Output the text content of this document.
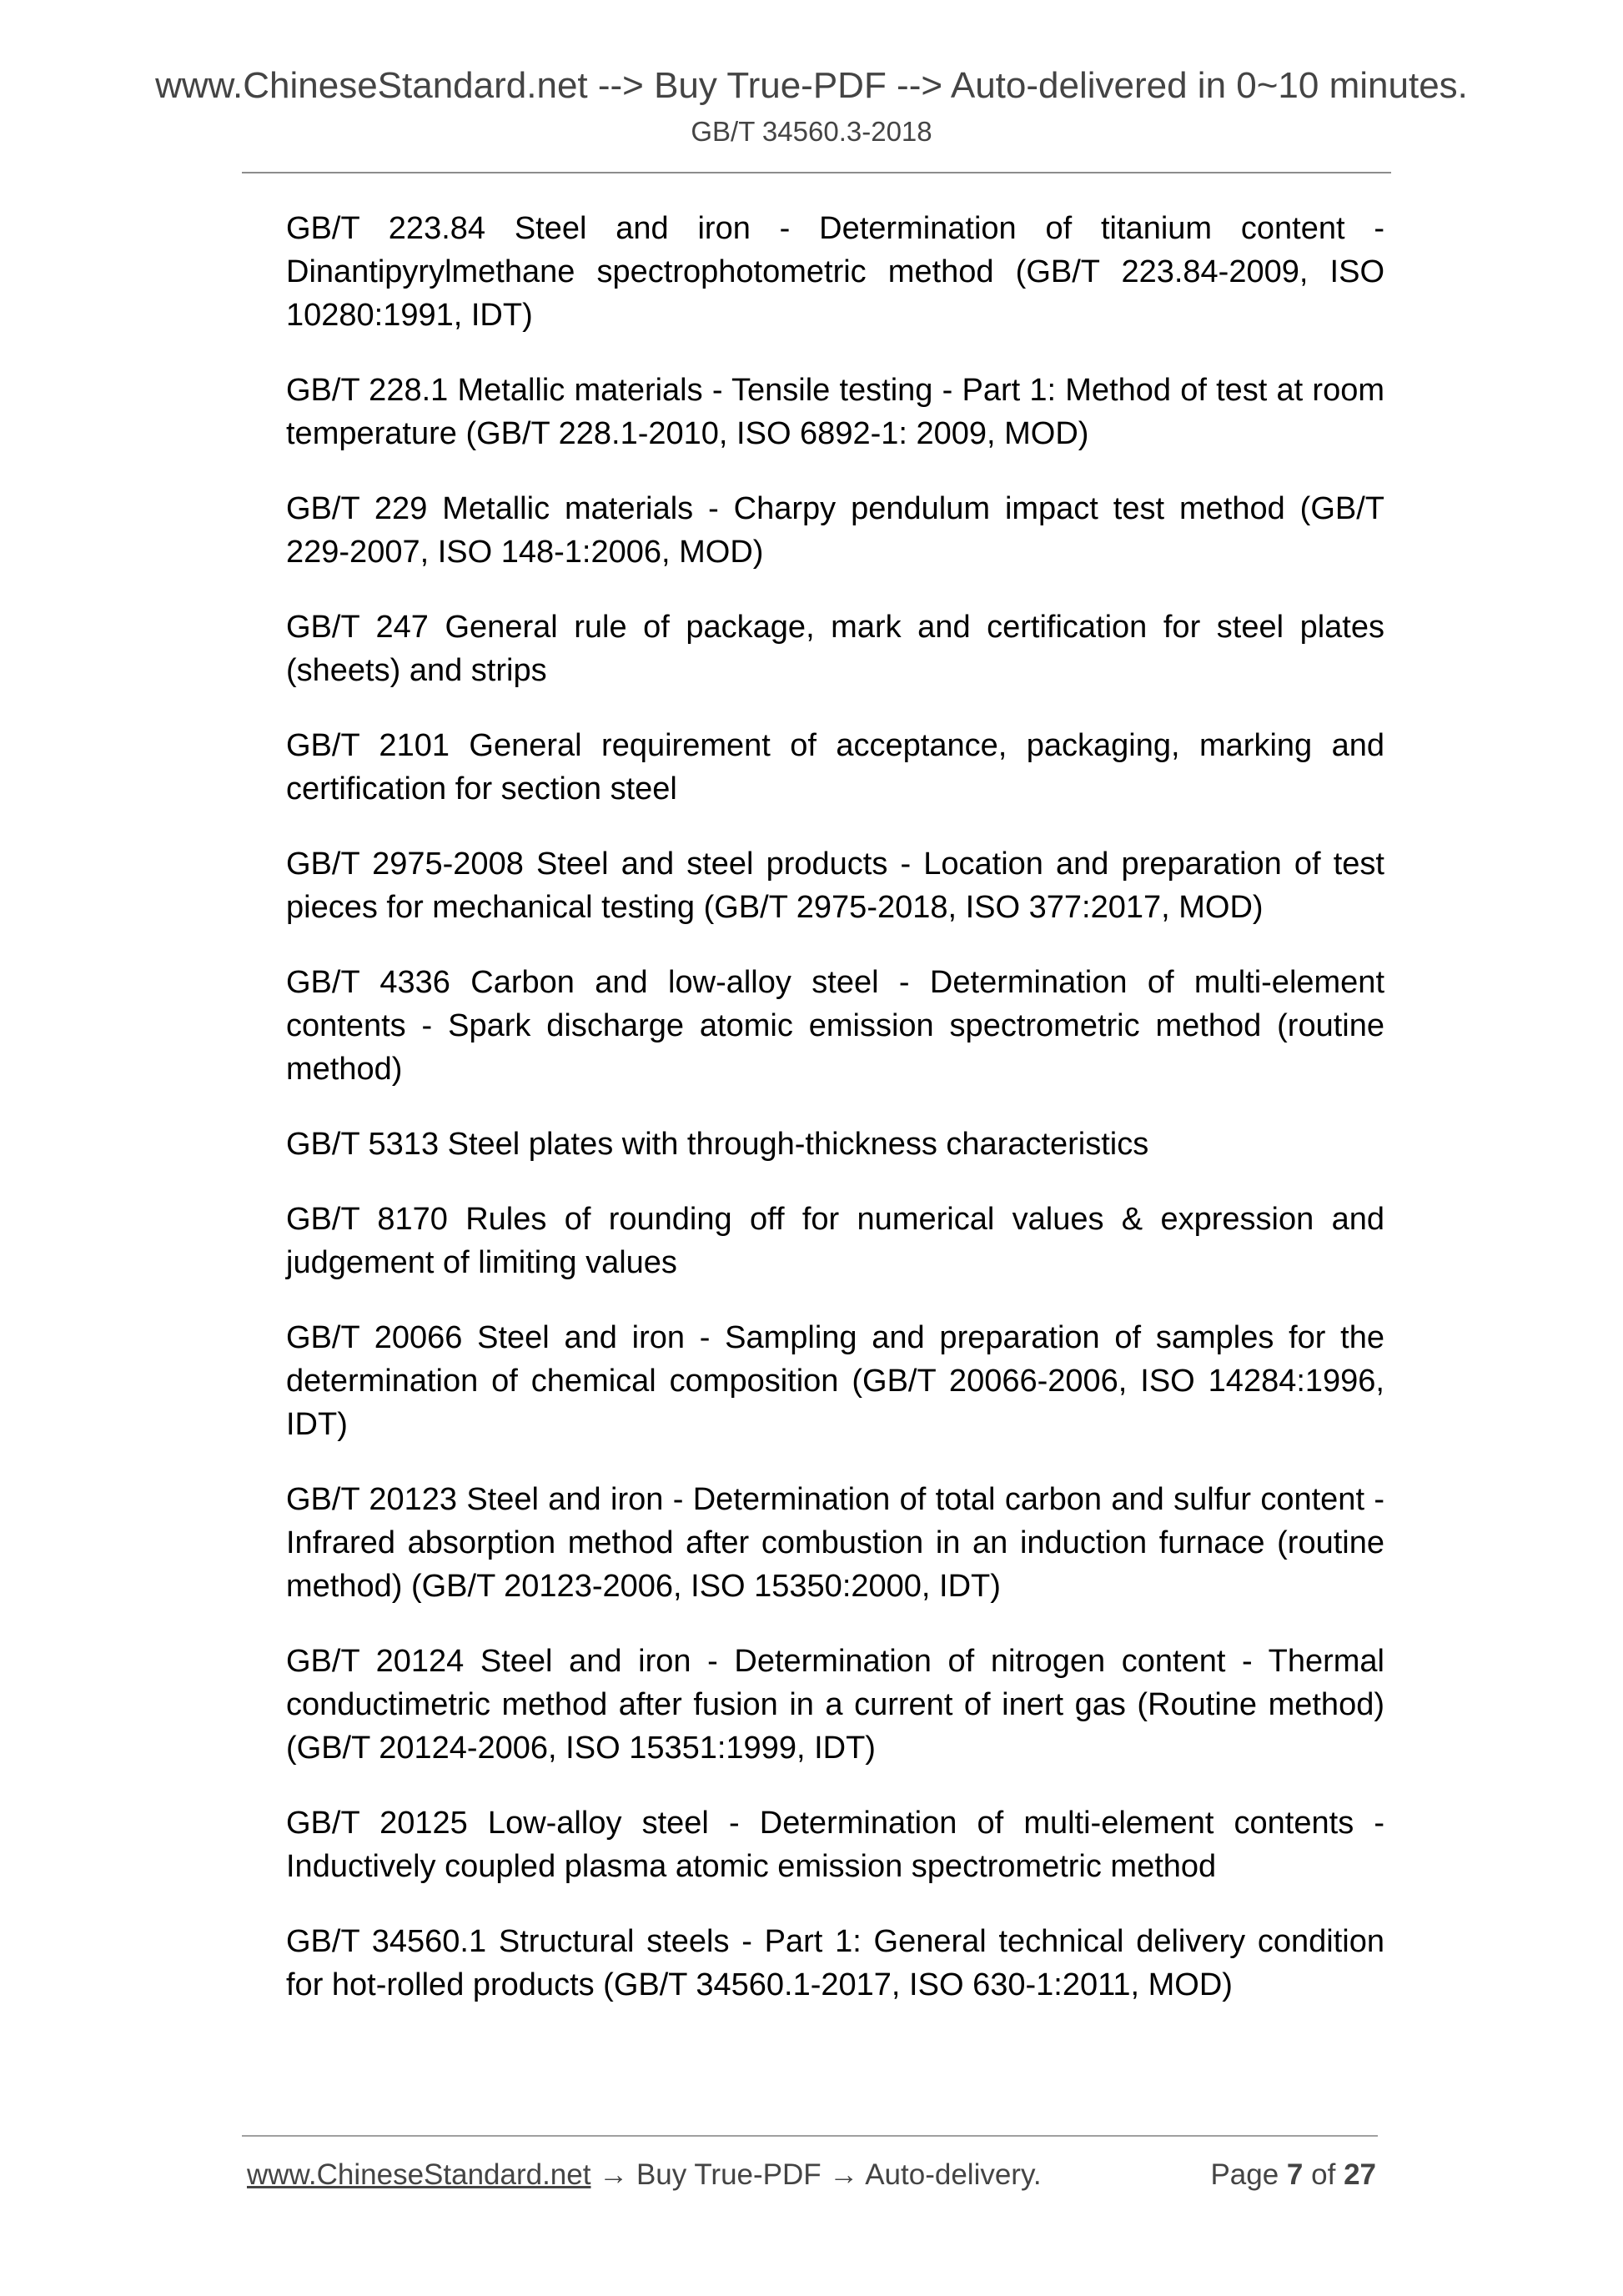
www.ChineseStandard.net --> Buy True-PDF --> Auto-delivered in 0~10 minutes.
GB/T 34560.3-2018

GB/T 223.84 Steel and iron - Determination of titanium content - Dinantipyrylmethane spectrophotometric method (GB/T 223.84-2009, ISO 10280:1991, IDT)

GB/T 228.1 Metallic materials - Tensile testing - Part 1: Method of test at room temperature (GB/T 228.1-2010, ISO 6892-1: 2009, MOD)

GB/T 229 Metallic materials - Charpy pendulum impact test method (GB/T 229-2007, ISO 148-1:2006, MOD)

GB/T 247 General rule of package, mark and certification for steel plates (sheets) and strips

GB/T 2101 General requirement of acceptance, packaging, marking and certification for section steel

GB/T 2975-2008 Steel and steel products - Location and preparation of test pieces for mechanical testing (GB/T 2975-2018, ISO 377:2017, MOD)

GB/T 4336 Carbon and low-alloy steel - Determination of multi-element contents - Spark discharge atomic emission spectrometric method (routine method)

GB/T 5313 Steel plates with through-thickness characteristics

GB/T 8170 Rules of rounding off for numerical values & expression and judgement of limiting values

GB/T 20066 Steel and iron - Sampling and preparation of samples for the determination of chemical composition (GB/T 20066-2006, ISO 14284:1996, IDT)

GB/T 20123 Steel and iron - Determination of total carbon and sulfur content - Infrared absorption method after combustion in an induction furnace (routine method) (GB/T 20123-2006, ISO 15350:2000, IDT)

GB/T 20124 Steel and iron - Determination of nitrogen content - Thermal conductimetric method after fusion in a current of inert gas (Routine method) (GB/T 20124-2006, ISO 15351:1999, IDT)

GB/T 20125 Low-alloy steel - Determination of multi-element contents - Inductively coupled plasma atomic emission spectrometric method

GB/T 34560.1 Structural steels - Part 1: General technical delivery condition for hot-rolled products (GB/T 34560.1-2017, ISO 630-1:2011, MOD)

www.ChineseStandard.net → Buy True-PDF → Auto-delivery.	Page 7 of 27
